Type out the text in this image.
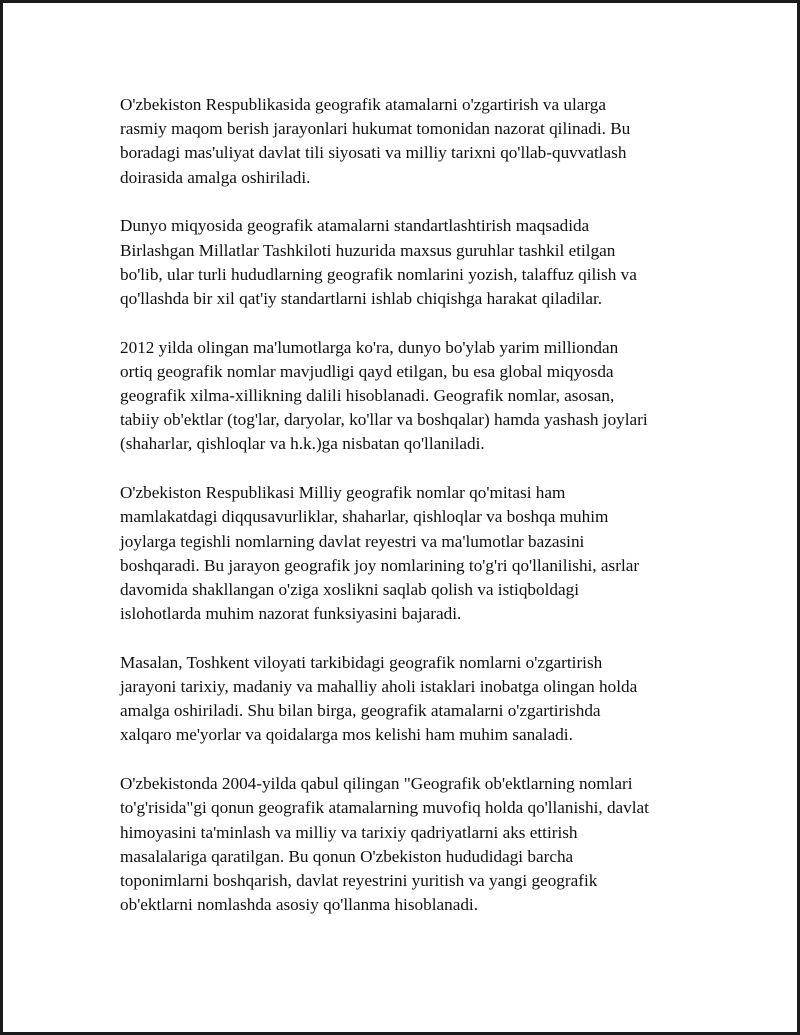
O'zbekiston Respublikasida geografik atamalarni o'zgartirish va ularga
rasmiy maqom berish jarayonlari hukumat tomonidan nazorat qilinadi. Bu
boradagi mas'uliyat davlat tili siyosati va milliy tarixni qo'llab-quvvatlash
doirasida amalga oshiriladi.

Dunyo miqyosida geografik atamalarni standartlashtirish maqsadida
Birlashgan Millatlar Tashkiloti huzurida maxsus guruhlar tashkil etilgan
bo'lib, ular turli hududlarning geografik nomlarini yozish, talaffuz qilish va
qo'llashda bir xil qat'iy standartlarni ishlab chiqishga harakat qiladilar.

2012 yilda olingan ma'lumotlarga ko'ra, dunyo bo'ylab yarim milliondan
ortiq geografik nomlar mavjudligi qayd etilgan, bu esa global miqyosda
geografik xilma-xillikning dalili hisoblanadi. Geografik nomlar, asosan,
tabiiy ob'ektlar (tog'lar, daryolar, ko'llar va boshqalar) hamda yashash joylari
(shaharlar, qishloqlar va h.k.)ga nisbatan qo'llaniladi.

O'zbekiston Respublikasi Milliy geografik nomlar qo'mitasi ham
mamlakatdagi diqqusavurliklar, shaharlar, qishloqlar va boshqa muhim
joylarga tegishli nomlarning davlat reyestri va ma'lumotlar bazasini
boshqaradi. Bu jarayon geografik joy nomlarining to'g'ri qo'llanilishi, asrlar
davomida shakllangan o'ziga xoslikni saqlab qolish va istiqboldagi
islohotlarda muhim nazorat funksiyasini bajaradi.

Masalan, Toshkent viloyati tarkibidagi geografik nomlarni o'zgartirish
jarayoni tarixiy, madaniy va mahalliy aholi istaklari inobatga olingan holda
amalga oshiriladi. Shu bilan birga, geografik atamalarni o'zgartirishda
xalqaro me'yorlar va qoidalarga mos kelishi ham muhim sanaladi.

O'zbekistonda 2004-yilda qabul qilingan "Geografik ob'ektlarning nomlari
to'g'risida"gi qonun geografik atamalarning muvofiq holda qo'llanishi, davlat
himoyasini ta'minlash va milliy va tarixiy qadriyatlarni aks ettirish
masalalariga qaratilgan. Bu qonun O'zbekiston hududidagi barcha
toponimlarni boshqarish, davlat reyestrini yuritish va yangi geografik
ob'ektlarni nomlashda asosiy qo'llanma hisoblanadi.
